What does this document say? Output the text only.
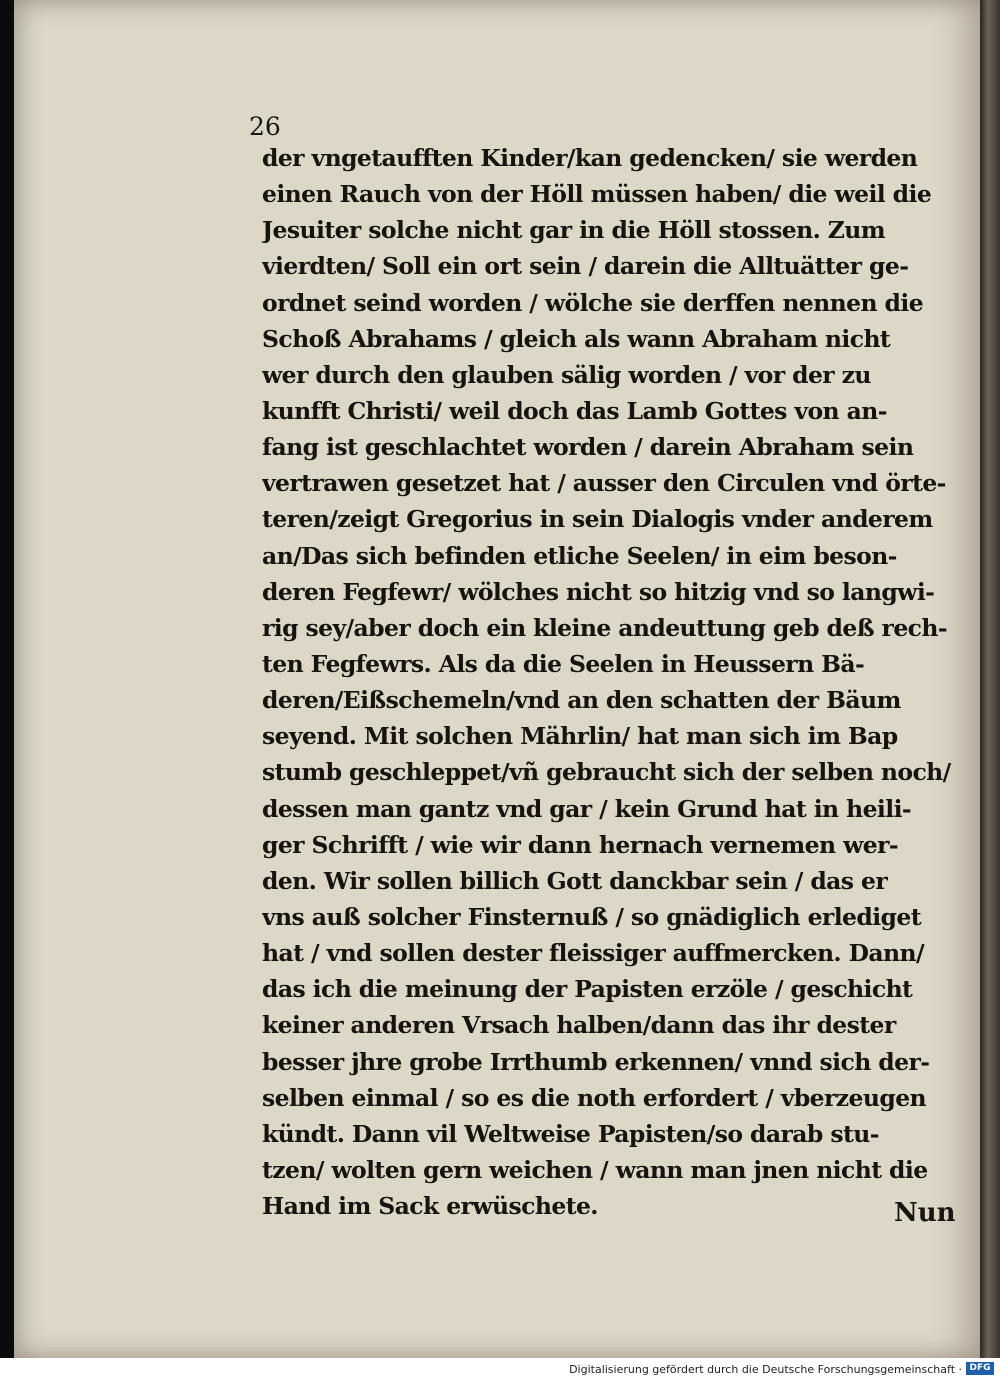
26
der vngetaufften Kinder/kan gedencken/ sie werden
einen Rauch von der Höll müssen haben/ die weil die
Jesuiter solche nicht gar in die Höll stossen. Zum
vierdten/ Soll ein ort sein / darein die Alltuätter ge-
ordnet seind worden / wölche sie derffen nennen die
Schoß Abrahams / gleich als wann Abraham nicht
wer durch den glauben sälig worden / vor der zu
kunfft Christi/ weil doch das Lamb Gottes von an-
fang ist geschlachtet worden / darein Abraham sein
vertrawen gesetzet hat / ausser den Circulen vnd örte-
teren/zeigt Gregorius in sein Dialogis vnder anderem
an/Das sich befinden etliche Seelen/ in eim beson-
deren Fegfewr/ wölches nicht so hitzig vnd so langwi-
rig sey/aber doch ein kleine andeuttung geb deß rech-
ten Fegfewrs. Als da die Seelen in Heussern Bä-
deren/Eißschemeln/vnd an den schatten der Bäum
seyend. Mit solchen Mährlin/ hat man sich im Bap
stumb geschleppet/vñ gebraucht sich der selben noch/
dessen man gantz vnd gar / kein Grund hat in heili-
ger Schrifft / wie wir dann hernach vernemen wer-
den. Wir sollen billich Gott danckbar sein / das er
vns auß solcher Finsternuß / so gnädiglich erlediget
hat / vnd sollen dester fleissiger auffmercken. Dann/
das ich die meinung der Papisten erzöle / geschicht
keiner anderen Vrsach halben/dann das ihr dester
besser jhre grobe Irrthumb erkennen/ vnnd sich der-
selben einmal / so es die noth erfordert / vberzeugen
kündt. Dann vil Weltweise Papisten/so darab stu-
tzen/ wolten gern weichen / wann man jnen nicht die
Hand im Sack erwüschete.	Nun
Digitalisierung gefördert durch die Deutsche Forschungsgemeinschaft · DFG
